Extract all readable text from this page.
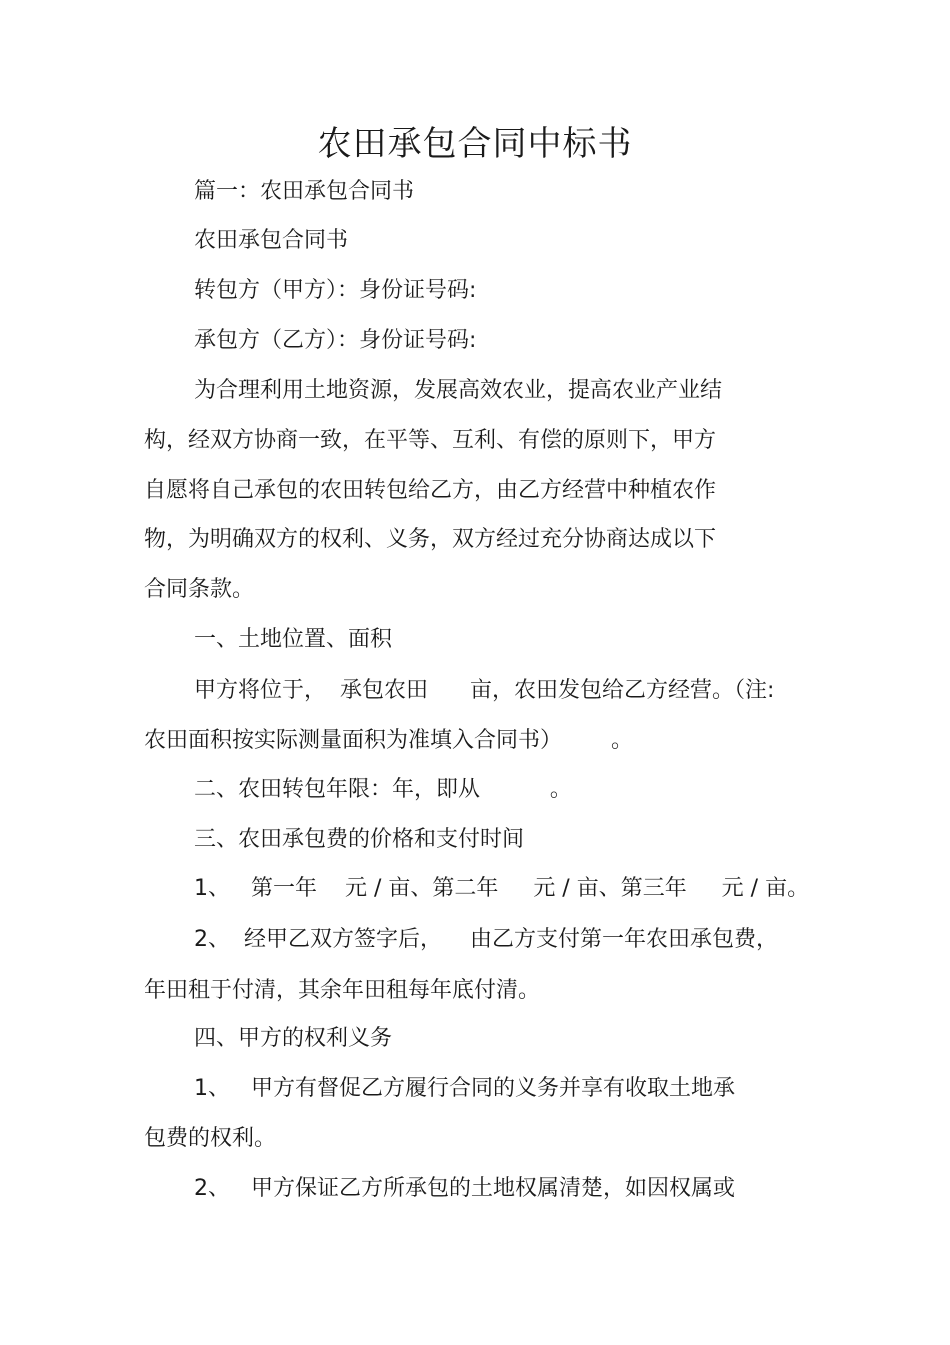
农田承包合同中标书
篇一：农田承包合同书
农田承包合同书
转包方（甲方）：身份证号码:
承包方（乙方）：身份证号码:
为合理利用土地资源，发展高效农业，提高农业产业结
构，经双方协商一致，在平等、互利、有偿的原则下，甲方
自愿将自己承包的农田转包给乙方，由乙方经营中种植农作
物，为明确双方的权利、义务，双方经过充分协商达成以下
合同条款。
一、土地位置、面积
甲方将位于，  承包农田      亩，农田发包给乙方经营。（注:
农田面积按实际测量面积为准填入合同书）       。
二、农田转包年限：年，即从          。
三、农田承包费的价格和支付时间
1、   第一年    元 / 亩、第二年     元 / 亩、第三年     元 / 亩。
2、  经甲乙双方签字后，    由乙方支付第一年农田承包费，
年田租于付清，其余年田租每年底付清。
四、甲方的权利义务
1、   甲方有督促乙方履行合同的义务并享有收取土地承
包费的权利。
2、   甲方保证乙方所承包的土地权属清楚，如因权属或
